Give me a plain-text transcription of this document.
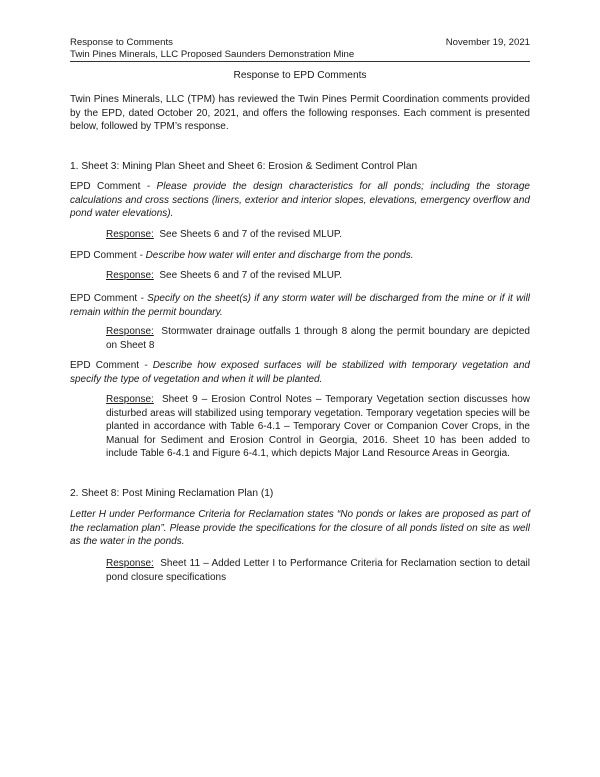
Response to Comments
Twin Pines Minerals, LLC Proposed Saunders Demonstration Mine
November 19, 2021
Response to EPD Comments

Twin Pines Minerals, LLC (TPM) has reviewed the Twin Pines Permit Coordination comments provided by the EPD, dated October 20, 2021, and offers the following responses. Each comment is presented below, followed by TPM’s response.

1. Sheet 3: Mining Plan Sheet and Sheet 6: Erosion & Sediment Control Plan

EPD Comment - Please provide the design characteristics for all ponds; including the storage calculations and cross sections (liners, exterior and interior slopes, elevations, emergency overflow and pond water elevations).

Response: See Sheets 6 and 7 of the revised MLUP.

EPD Comment - Describe how water will enter and discharge from the ponds.

Response: See Sheets 6 and 7 of the revised MLUP.

EPD Comment - Specify on the sheet(s) if any storm water will be discharged from the mine or if it will remain within the permit boundary.

Response: Stormwater drainage outfalls 1 through 8 along the permit boundary are depicted on Sheet 8

EPD Comment - Describe how exposed surfaces will be stabilized with temporary vegetation and specify the type of vegetation and when it will be planted.

Response: Sheet 9 – Erosion Control Notes – Temporary Vegetation section discusses how disturbed areas will stabilized using temporary vegetation. Temporary vegetation species will be planted in accordance with Table 6-4.1 – Temporary Cover or Companion Cover Crops, in the Manual for Sediment and Erosion Control in Georgia, 2016. Sheet 10 has been added to include Table 6-4.1 and Figure 6-4.1, which depicts Major Land Resource Areas in Georgia.

2. Sheet 8: Post Mining Reclamation Plan (1)

Letter H under Performance Criteria for Reclamation states “No ponds or lakes are proposed as part of the reclamation plan”. Please provide the specifications for the closure of all ponds listed on site as well as the water in the ponds.

Response: Sheet 11 – Added Letter I to Performance Criteria for Reclamation section to detail pond closure specifications
